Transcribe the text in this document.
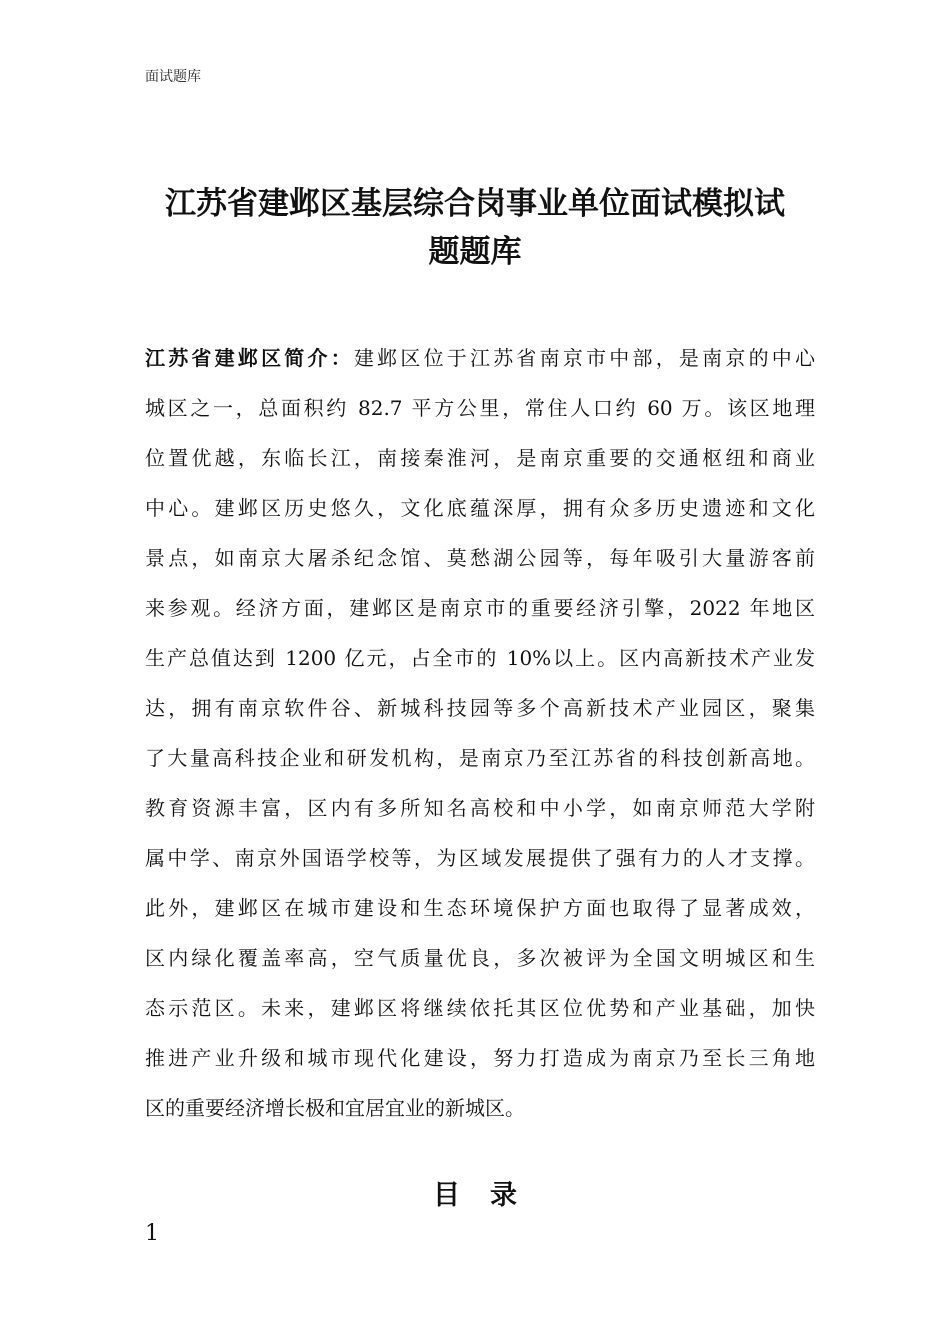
面试题库
江苏省建邺区基层综合岗事业单位面试模拟试
题题库
江苏省建邺区简介：建邺区位于江苏省南京市中部，是南京的中心
城区之一，总面积约 82.7 平方公里，常住人口约 60 万。该区地理
位置优越，东临长江，南接秦淮河，是南京重要的交通枢纽和商业
中心。建邺区历史悠久，文化底蕴深厚，拥有众多历史遗迹和文化
景点，如南京大屠杀纪念馆、莫愁湖公园等，每年吸引大量游客前
来参观。经济方面，建邺区是南京市的重要经济引擎，2022 年地区
生产总值达到 1200 亿元，占全市的 10%以上。区内高新技术产业发
达，拥有南京软件谷、新城科技园等多个高新技术产业园区，聚集
了大量高科技企业和研发机构，是南京乃至江苏省的科技创新高地。
教育资源丰富，区内有多所知名高校和中小学，如南京师范大学附
属中学、南京外国语学校等，为区域发展提供了强有力的人才支撑。
此外，建邺区在城市建设和生态环境保护方面也取得了显著成效，
区内绿化覆盖率高，空气质量优良，多次被评为全国文明城区和生
态示范区。未来，建邺区将继续依托其区位优势和产业基础，加快
推进产业升级和城市现代化建设，努力打造成为南京乃至长三角地
区的重要经济增长极和宜居宜业的新城区。
目录
1
